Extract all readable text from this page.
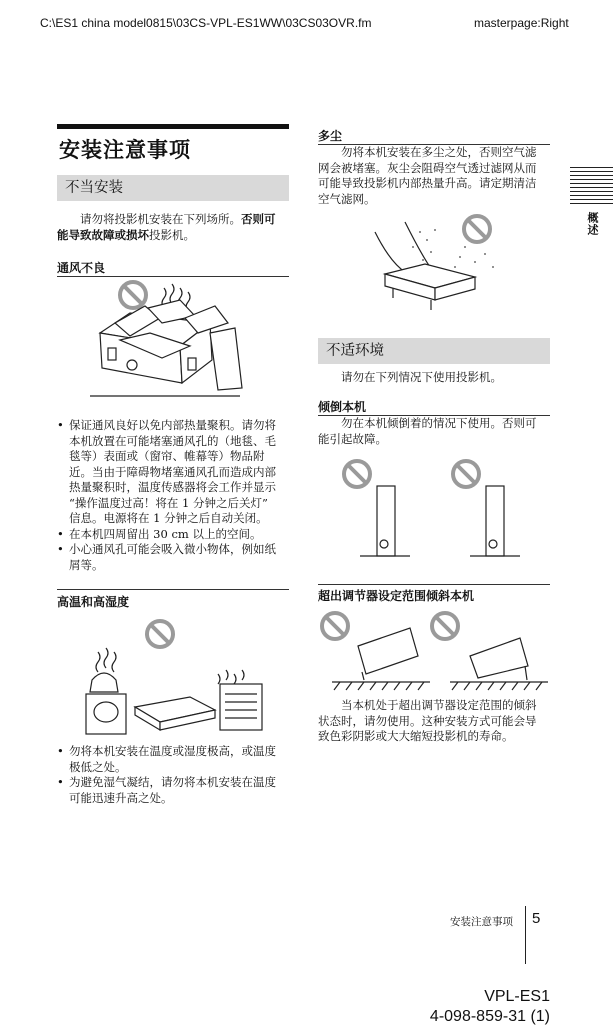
C:\ES1 china model0815\03CS-VPL-ES1WW\03CS03OVR.fm	masterpage:Right
安装注意事项
不当安装
请勿将投影机安装在下列场所。否则可能导致故障或损坏投影机。
通风不良
• 保证通风良好以免内部热量聚积。请勿将本机放置在可能堵塞通风孔的（地毯、毛毯等）表面或（窗帘、帷幕等）物品附近。当由于障碍物堵塞通风孔而造成内部热量聚积时，温度传感器将会工作并显示 “操作温度过高！将在 1 分钟之后关灯” 信息。电源将在 1 分钟之后自动关闭。
• 在本机四周留出 30 cm 以上的空间。
• 小心通风孔可能会吸入微小物体，例如纸屑等。
高温和高湿度
• 勿将本机安装在温度或湿度极高，或温度极低之处。
• 为避免湿气凝结，请勿将本机安装在温度可能迅速升高之处。
多尘
勿将本机安装在多尘之处，否则空气滤网会被堵塞。灰尘会阻碍空气透过滤网从而可能导致投影机内部热量升高。请定期清洁空气滤网。
不适环境
请勿在下列情况下使用投影机。
倾倒本机
勿在本机倾倒着的情况下使用。否则可能引起故障。
超出调节器设定范围倾斜本机
当本机处于超出调节器设定范围的倾斜状态时，请勿使用。这种安装方式可能会导致色彩阴影或大大缩短投影机的寿命。
概述
安装注意事项 5
VPL-ES1
4-098-859-31 (1)
